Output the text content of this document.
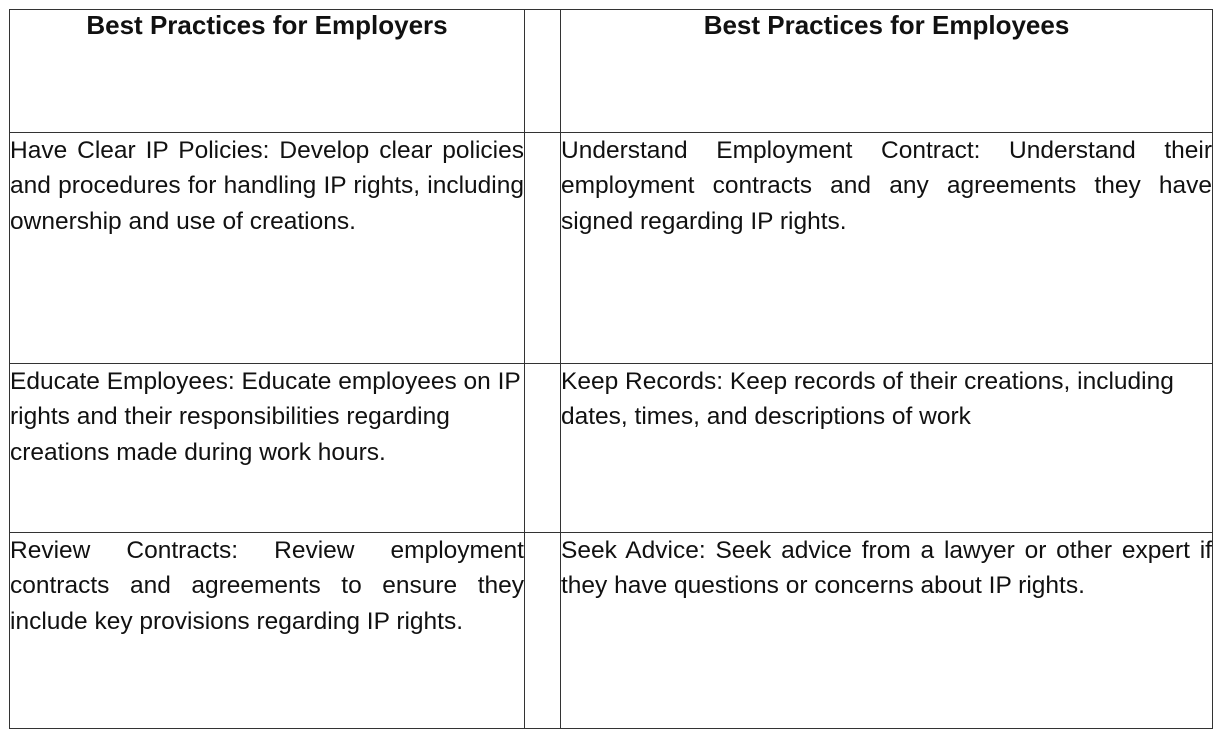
Best Practices for Employers		Best Practices for Employees
Have Clear IP Policies: Develop clear policies and procedures for handling IP rights, including ownership and use of creations.		Understand Employment Contract: Understand their employment contracts and any agreements they have signed regarding IP rights.
Educate Employees: Educate employees on IP rights and their responsibilities regarding creations made during work hours.		Keep Records: Keep records of their creations, including dates, times, and descriptions of work
Review Contracts: Review employment contracts and agreements to ensure they include key provisions regarding IP rights.		Seek Advice: Seek advice from a lawyer or other expert if they have questions or concerns about IP rights.
